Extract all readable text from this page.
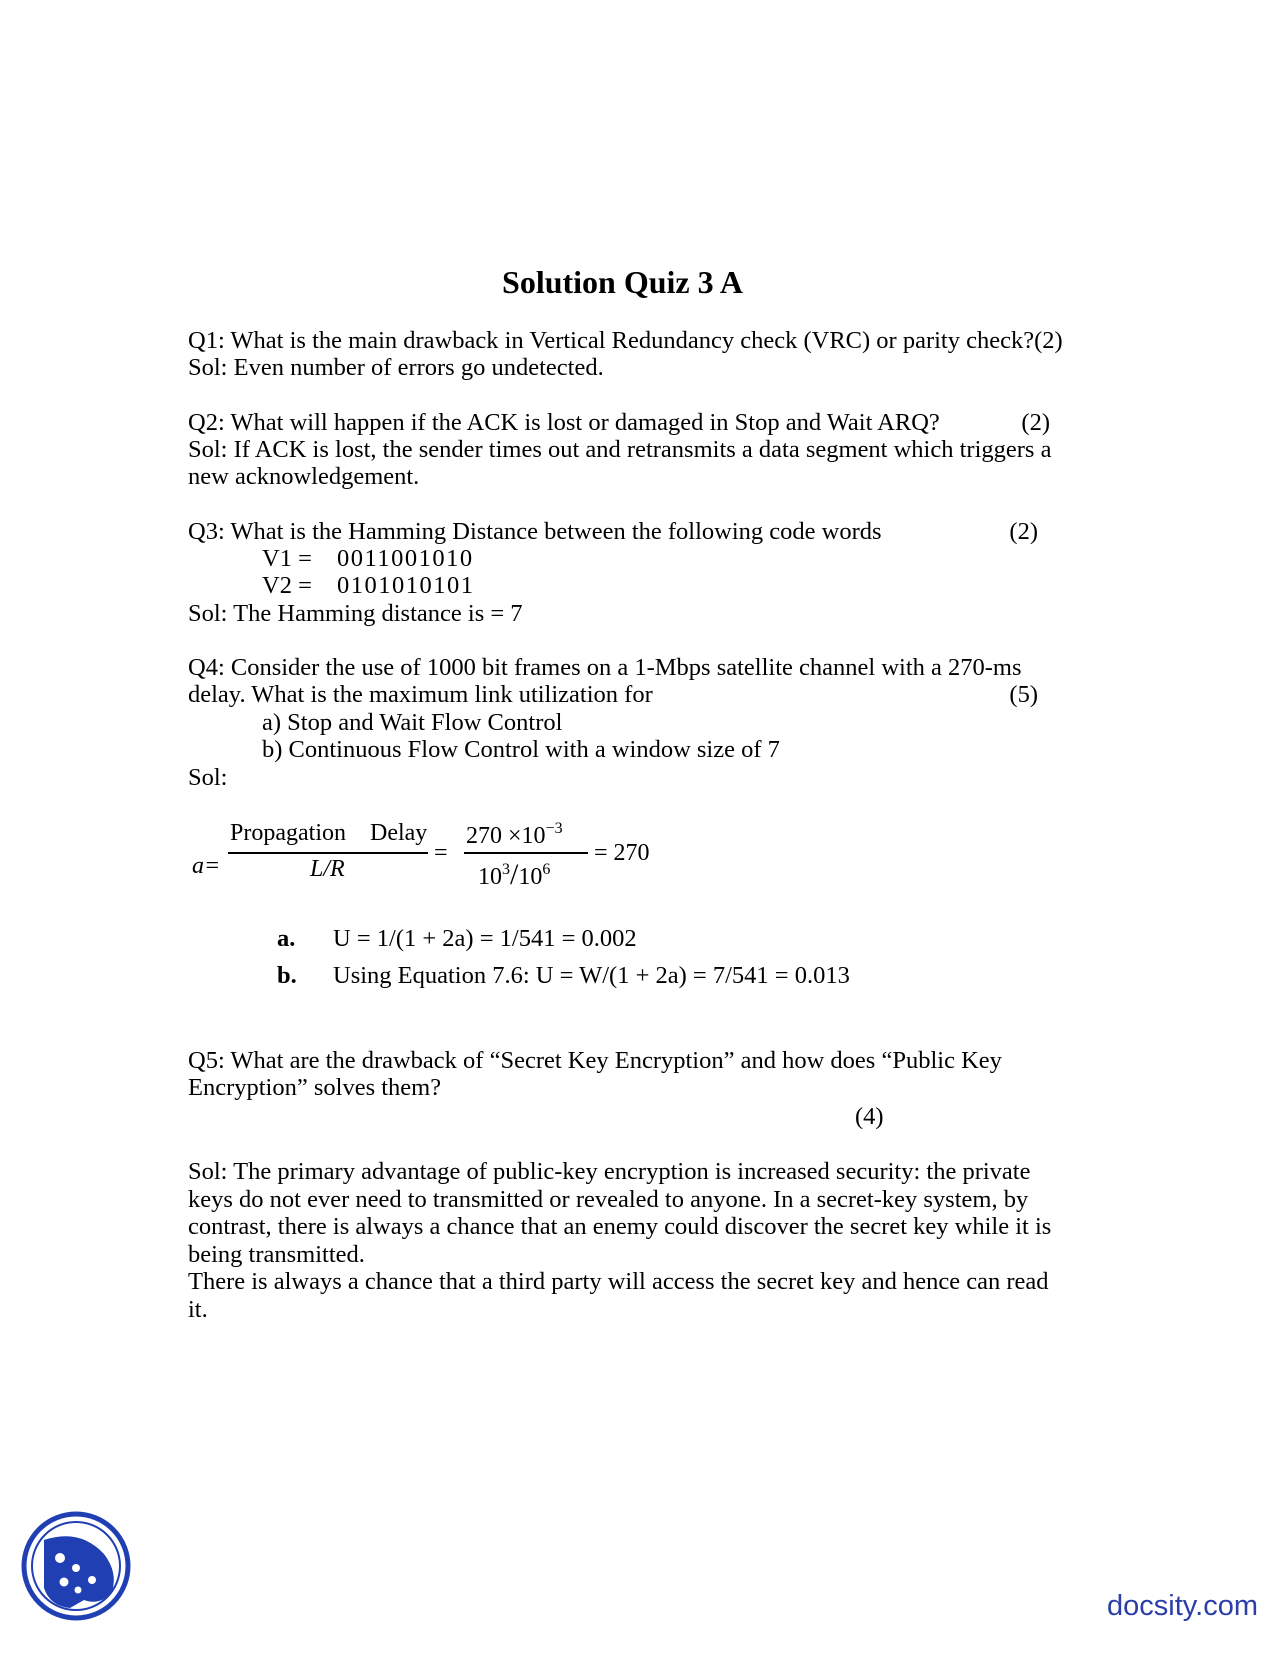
Solution Quiz 3 A
Q1: What is the main drawback in Vertical Redundancy check (VRC) or parity check?(2)
Sol: Even number of errors go undetected.
Q2: What will happen if the ACK is lost or damaged in Stop and Wait ARQ?	(2)
Sol: If ACK is lost, the sender times out and retransmits a data segment which triggers a
new acknowledgement.
Q3: What is the Hamming Distance between the following code words	(2)
V1 = 0011001010
V2 = 0101010101
Sol: The Hamming distance is = 7
Q4: Consider the use of 1000 bit frames on a 1-Mbps satellite channel with a 270-ms
delay. What is the maximum link utilization for	(5)
a) Stop and Wait Flow Control
b) Continuous Flow Control with a window size of 7
Sol:
a=
Propagation    Delay
L/R
=
$270 \times 10^{-3}$
$10^3/10^6$
= 270
a. U = 1/(1 + 2a) = 1/541 = 0.002
b. Using Equation 7.6: U = W/(1 + 2a) = 7/541 = 0.013
Q5: What are the drawback of “Secret Key Encryption” and how does “Public Key
Encryption” solves them?
(4)
Sol: The primary advantage of public-key encryption is increased security: the private
keys do not ever need to transmitted or revealed to anyone. In a secret-key system, by
contrast, there is always a chance that an enemy could discover the secret key while it is
being transmitted.
There is always a chance that a third party will access the secret key and hence can read
it.
docsity.com
